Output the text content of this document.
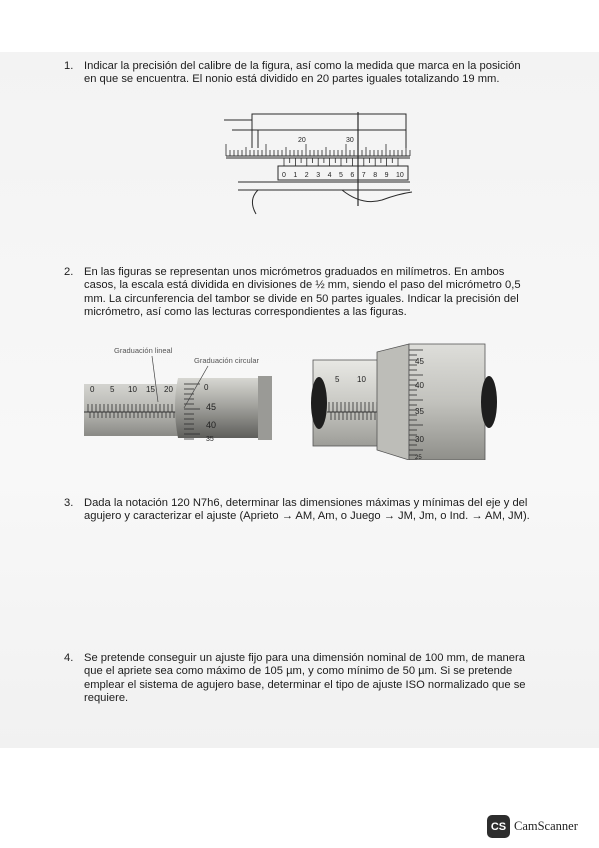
1. Indicar la precisión del calibre de la figura, así como la medida que marca en la posición en que se encuentra. El nonio está dividido en 20 partes iguales totalizando 19 mm.
20	30
0 1 2 3 4 5 6 7 8 9 10
2. En las figuras se representan unos micrómetros graduados en milímetros. En ambos casos, la escala está dividida en divisiones de ½ mm, siendo el paso del micrómetro 0,5 mm. La circunferencia del tambor se divide en 50 partes iguales. Indicar la precisión del micrómetro, así como las lecturas correspondientes a las figuras.
0 5 10 15 20	0
45
40
35
Graduación lineal
Graduación circular
5 10
45
40
35
30
25
3. Dada la notación 120 N7h6, determinar las dimensiones máximas y mínimas del eje y del agujero y caracterizar el ajuste (Aprieto → AM, Am, o Juego → JM, Jm, o Ind. → AM, JM).
4. Se pretende conseguir un ajuste fijo para una dimensión nominal de 100 mm, de manera que el apriete sea como máximo de 105 µm, y como mínimo de 50 µm. Si se pretende emplear el sistema de agujero base, determinar el tipo de ajuste ISO normalizado que se requiere.
CS CamScanner
